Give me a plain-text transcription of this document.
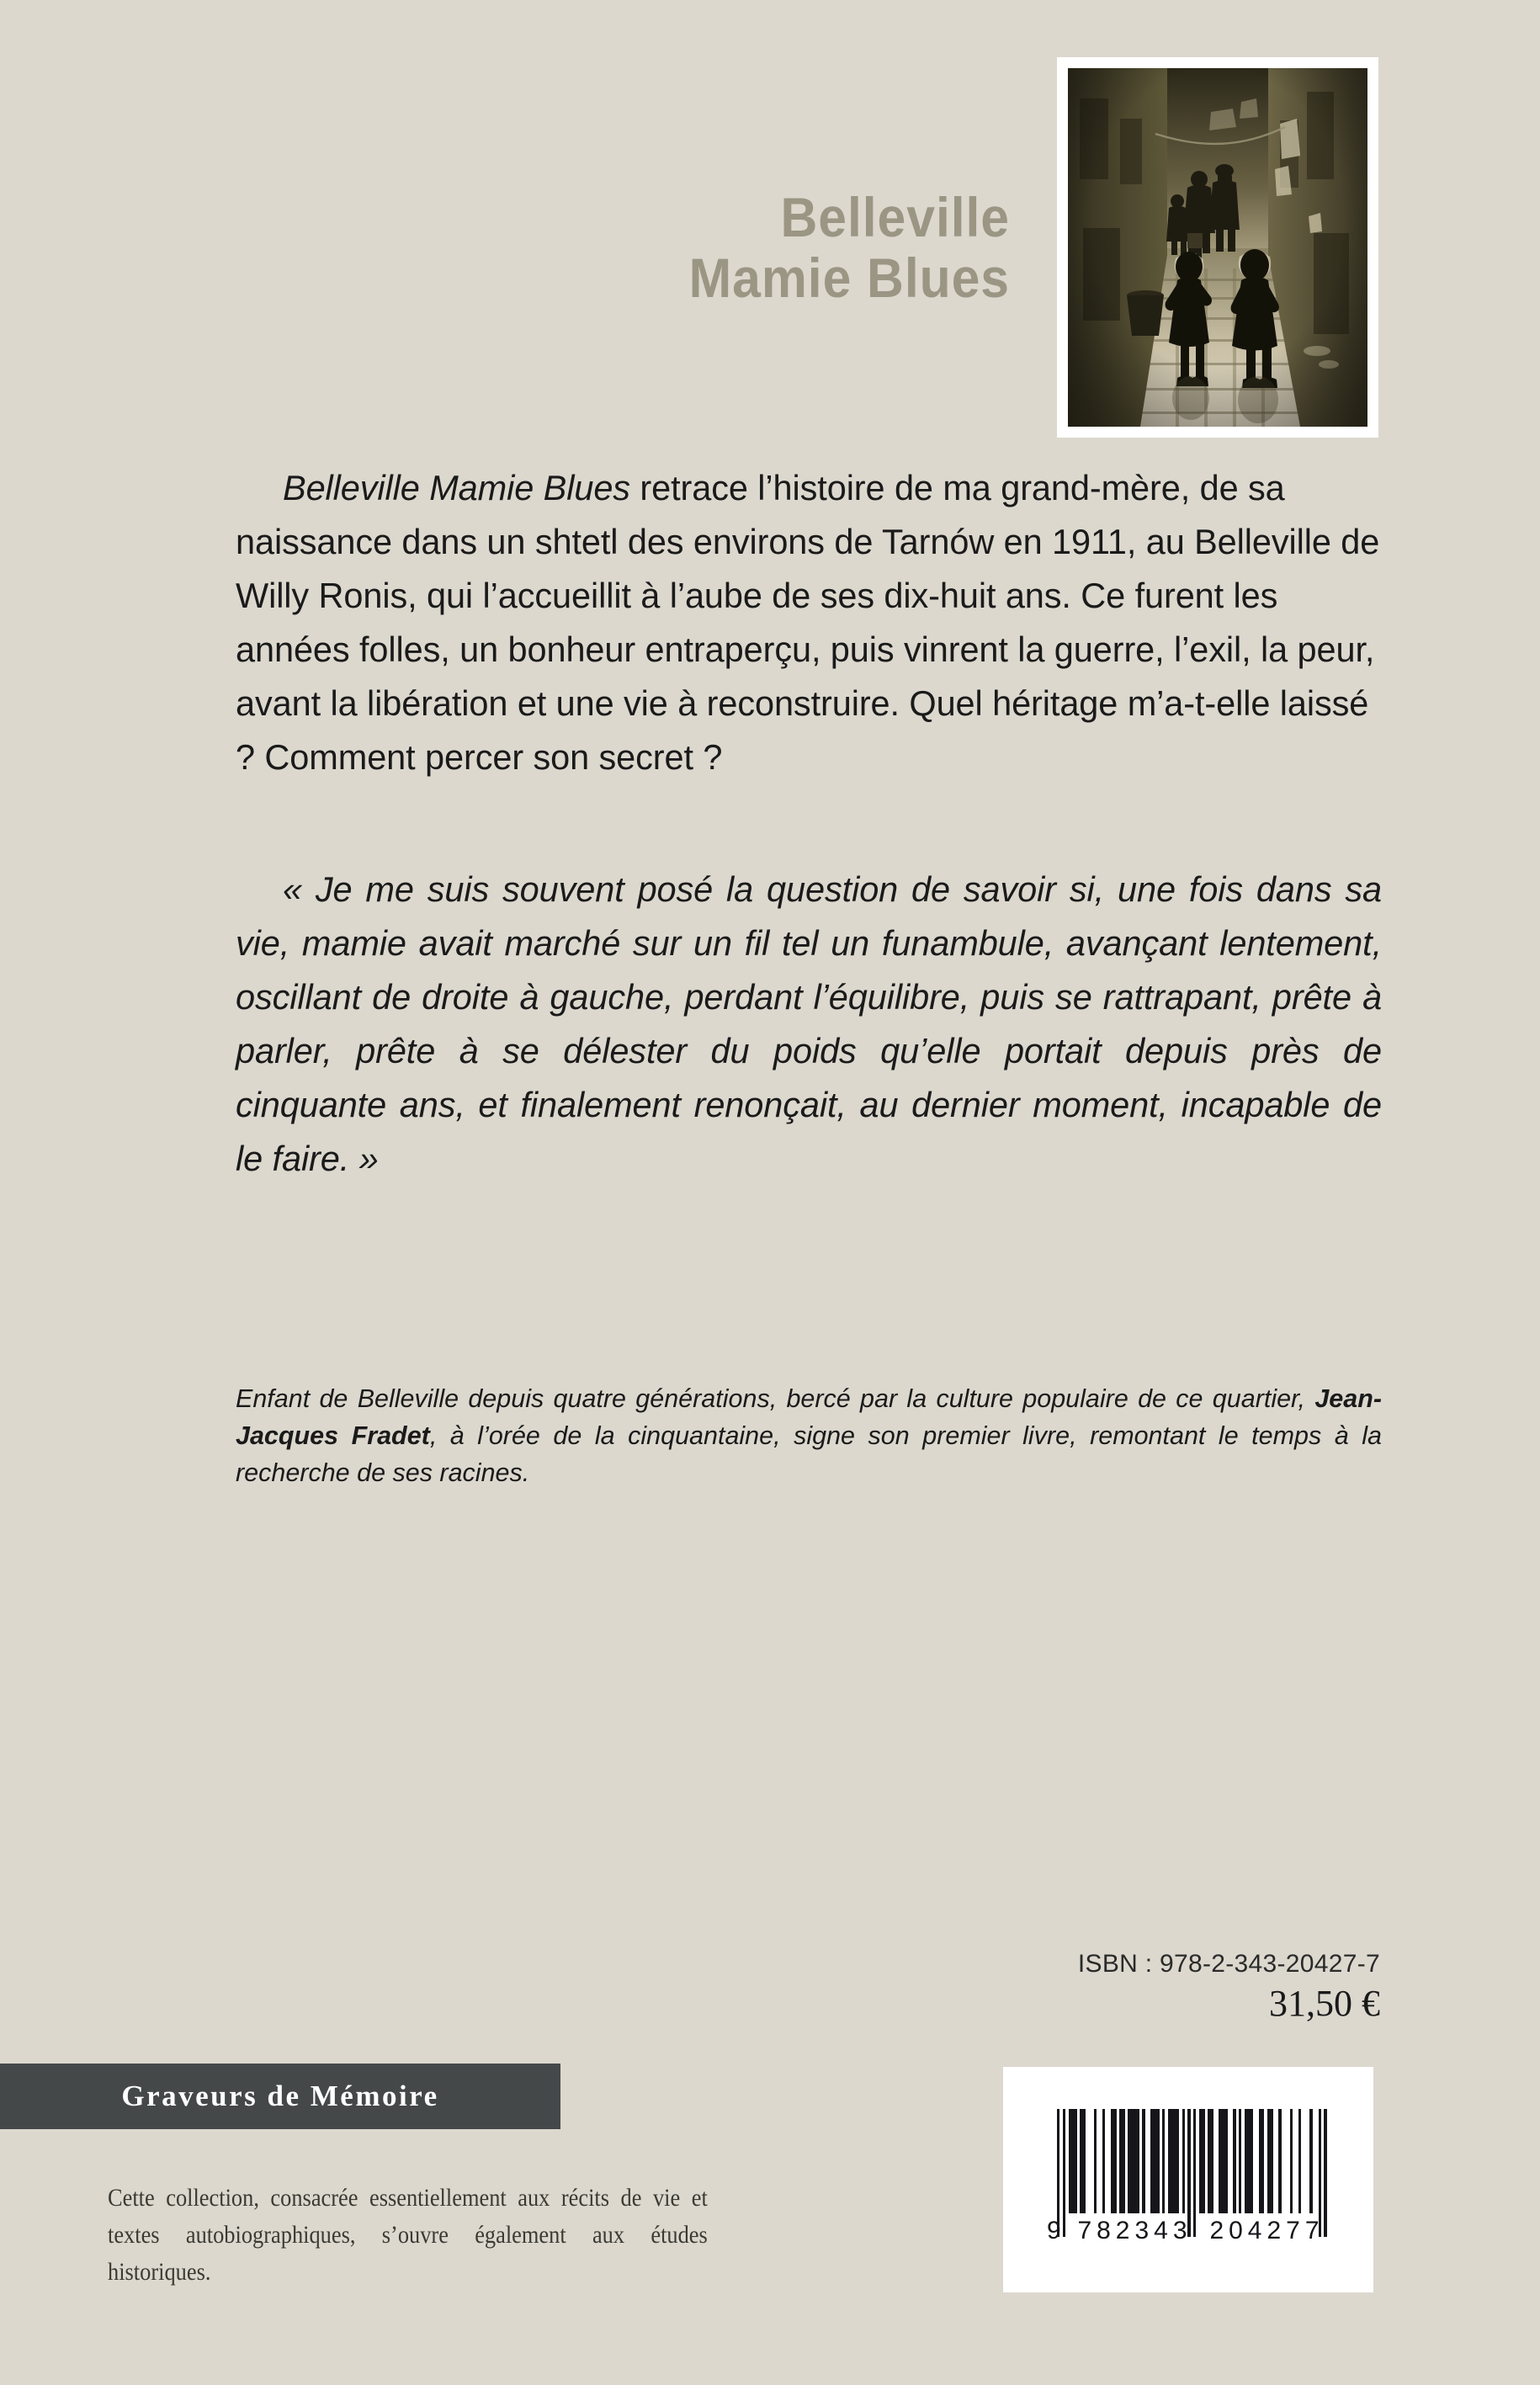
Belleville
Mamie Blues

Belleville Mamie Blues retrace l’histoire de ma grand-mère, de sa naissance dans un shtetl des environs de Tarnów en 1911, au Belleville de Willy Ronis, qui l’accueillit à l’aube de ses dix-huit ans. Ce furent les années folles, un bonheur entraperçu, puis vinrent la guerre, l’exil, la peur, avant la libération et une vie à reconstruire. Quel héritage m’a-t-elle laissé ? Comment percer son secret ?

« Je me suis souvent posé la question de savoir si, une fois dans sa vie, mamie avait marché sur un fil tel un funambule, avançant lentement, oscillant de droite à gauche, perdant l’équilibre, puis se rattrapant, prête à parler, prête à se délester du poids qu’elle portait depuis près de cinquante ans, et finalement renonçait, au dernier moment, incapable de le faire. »

Enfant de Belleville depuis quatre générations, bercé par la culture populaire de ce quartier, Jean-Jacques Fradet, à l’orée de la cinquantaine, signe son premier livre, remontant le temps à la recherche de ses racines.

ISBN : 978-2-343-20427-7
31,50 €
Graveurs de Mémoire

Cette collection, consacrée essentiellement aux récits de vie et textes autobiographiques, s’ouvre également aux études historiques.

9 782343 204277
